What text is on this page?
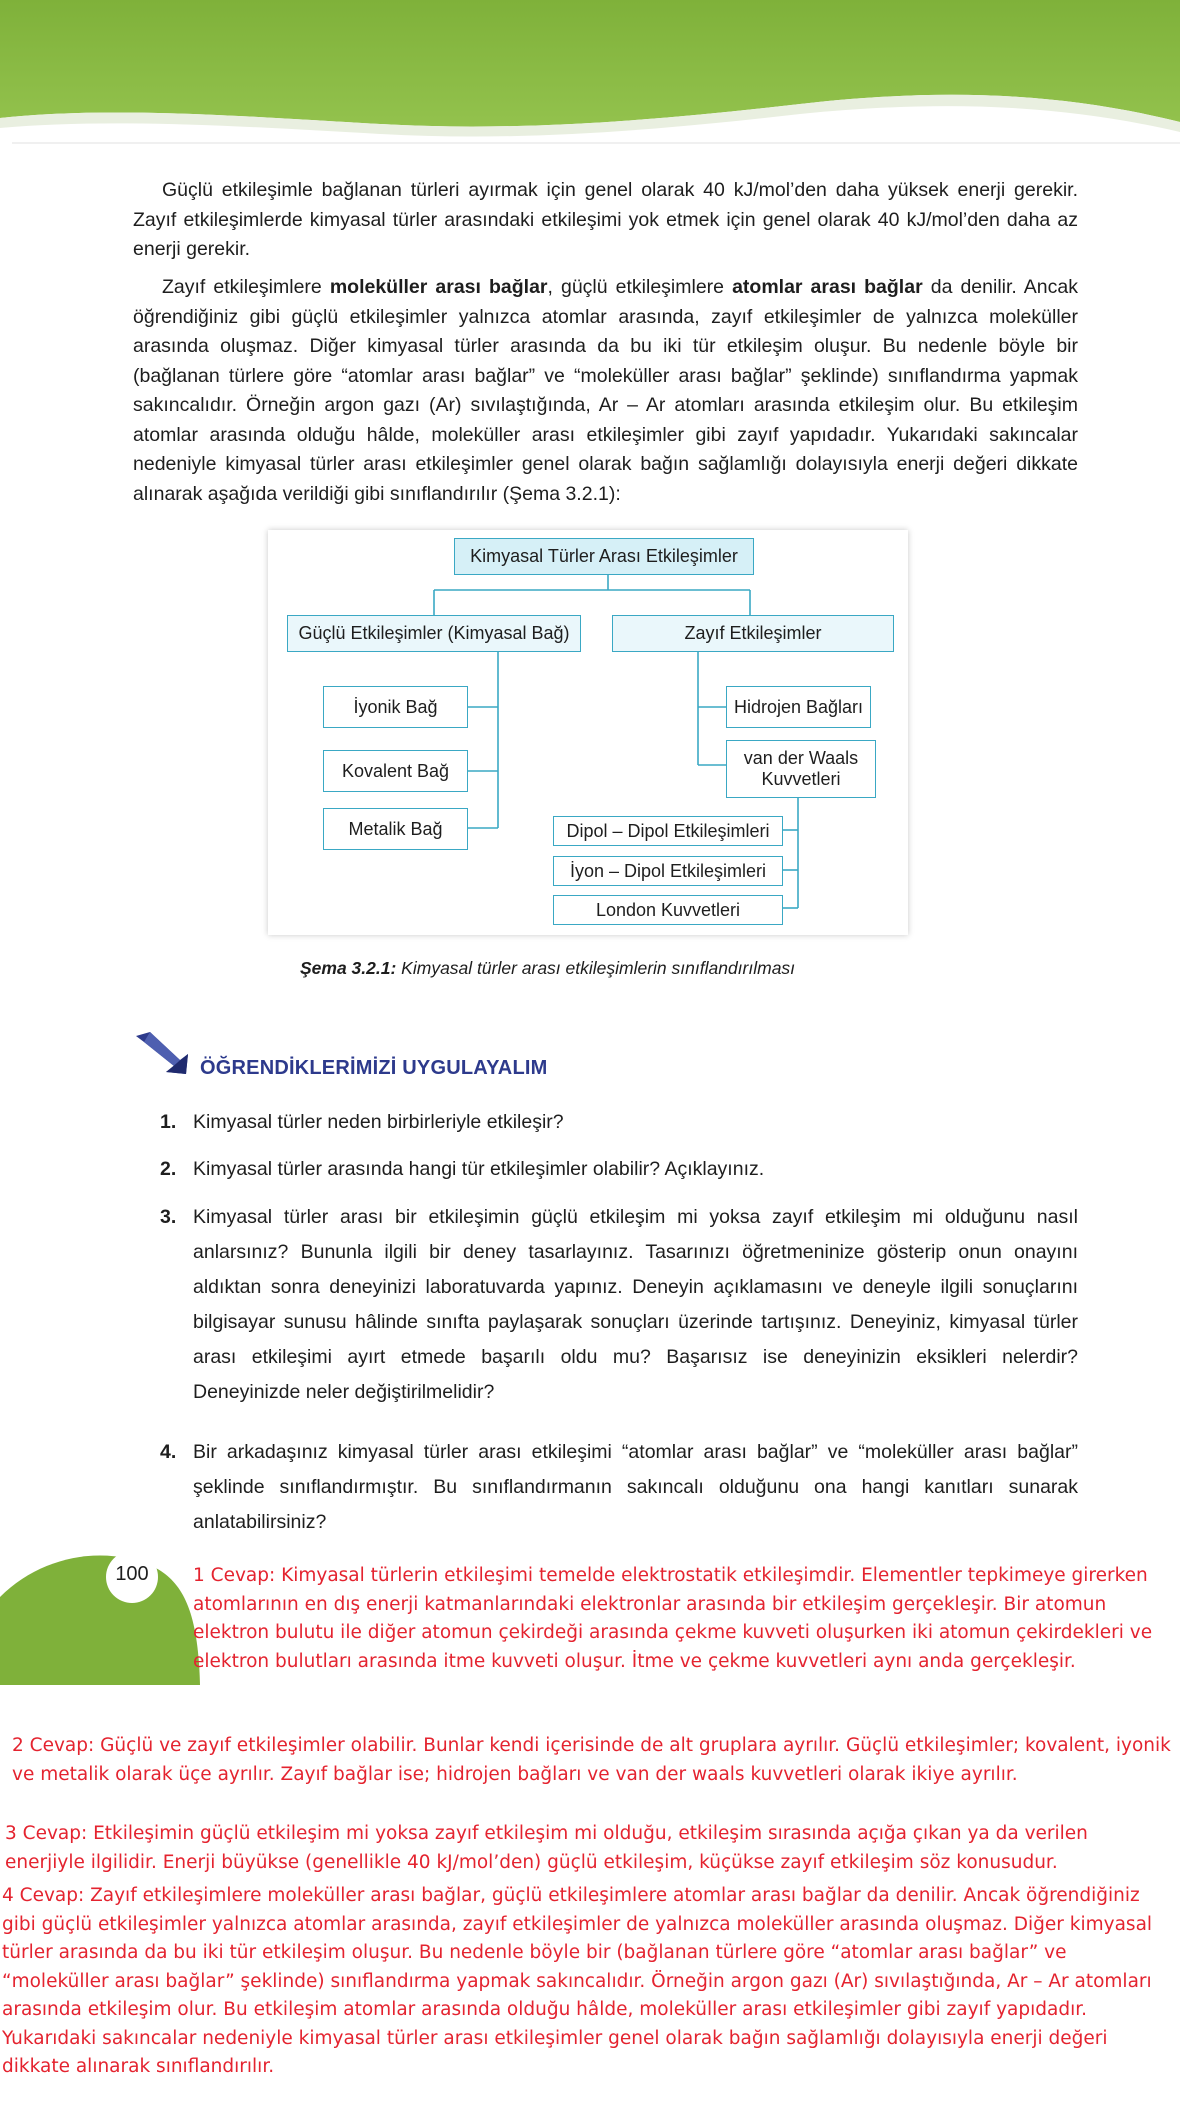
Güçlü etkileşimle bağlanan türleri ayırmak için genel olarak 40 kJ/mol’den daha yüksek enerji gerekir. Zayıf etkileşimlerde kimyasal türler arasındaki etkileşimi yok etmek için genel olarak 40 kJ/mol’den daha az enerji gerekir.

Zayıf etkileşimlere moleküller arası bağlar, güçlü etkileşimlere atomlar arası bağlar da denilir. Ancak öğrendiğiniz gibi güçlü etkileşimler yalnızca atomlar arasında, zayıf etkileşimler de yalnızca moleküller arasında oluşmaz. Diğer kimyasal türler arasında da bu iki tür etkileşim oluşur. Bu nedenle böyle bir (bağlanan türlere göre “atomlar arası bağlar” ve “moleküller arası bağlar” şeklinde) sınıflandırma yapmak sakıncalıdır. Örneğin argon gazı (Ar) sıvılaştığında, Ar – Ar atomları arasında etkileşim olur. Bu etkileşim atomlar arasında olduğu hâlde, moleküller arası etkileşimler gibi zayıf yapıdadır. Yukarıdaki sakıncalar nedeniyle kimyasal türler arası etkileşimler genel olarak bağın sağlamlığı dolayısıyla enerji değeri dikkate alınarak aşağıda verildiği gibi sınıflandırılır (Şema 3.2.1):

Kimyasal Türler Arası Etkileşimler
Güçlü Etkileşimler (Kimyasal Bağ)	Zayıf Etkileşimler
İyonik Bağ
Kovalent Bağ
Metalik Bağ
Hidrojen Bağları
van der Waals Kuvvetleri
Dipol – Dipol Etkileşimleri
İyon – Dipol Etkileşimleri
London Kuvvetleri
Şema 3.2.1: Kimyasal türler arası etkileşimlerin sınıflandırılması
ÖĞRENDİKLERİMİZİ UYGULAYALIM
1. Kimyasal türler neden birbirleriyle etkileşir?
2. Kimyasal türler arasında hangi tür etkileşimler olabilir? Açıklayınız.
3. Kimyasal türler arası bir etkileşimin güçlü etkileşim mi yoksa zayıf etkileşim mi olduğunu nasıl anlarsınız? Bununla ilgili bir deney tasarlayınız. Tasarınızı öğretmeninize gösterip onun onayını aldıktan sonra deneyinizi laboratuvarda yapınız. Deneyin açıklamasını ve deneyle ilgili sonuçlarını bilgisayar sunusu hâlinde sınıfta paylaşarak sonuçları üzerinde tartışınız. Deneyiniz, kimyasal türler arası etkileşimi ayırt etmede başarılı oldu mu? Başarısız ise deneyinizin eksikleri nelerdir? Deneyinizde neler değiştirilmelidir?
4. Bir arkadaşınız kimyasal türler arası etkileşimi “atomlar arası bağlar” ve “moleküller arası bağlar” şeklinde sınıflandırmıştır. Bu sınıflandırmanın sakıncalı olduğunu ona hangi kanıtları sunarak anlatabilirsiniz?
100	1 Cevap: Kimyasal türlerin etkileşimi temelde elektrostatik etkileşimdir. Elementler tepkimeye girerken atomlarının en dış enerji katmanlarındaki elektronlar arasında bir etkileşim gerçekleşir. Bir atomun elektron bulutu ile diğer atomun çekirdeği arasında çekme kuvveti oluşurken iki atomun çekirdekleri ve elektron bulutları arasında itme kuvveti oluşur. İtme ve çekme kuvvetleri aynı anda gerçekleşir.

2 Cevap: Güçlü ve zayıf etkileşimler olabilir. Bunlar kendi içerisinde de alt gruplara ayrılır. Güçlü etkileşimler; kovalent, iyonik ve metalik olarak üçe ayrılır. Zayıf bağlar ise; hidrojen bağları ve van der waals kuvvetleri olarak ikiye ayrılır.

3 Cevap: Etkileşimin güçlü etkileşim mi yoksa zayıf etkileşim mi olduğu, etkileşim sırasında açığa çıkan ya da verilen enerjiyle ilgilidir. Enerji büyükse (genellikle 40 kJ/mol’den) güçlü etkileşim, küçükse zayıf etkileşim söz konusudur.

4 Cevap: Zayıf etkileşimlere moleküller arası bağlar, güçlü etkileşimlere atomlar arası bağlar da denilir. Ancak öğrendiğiniz gibi güçlü etkileşimler yalnızca atomlar arasında, zayıf etkileşimler de yalnızca moleküller arasında oluşmaz. Diğer kimyasal türler arasında da bu iki tür etkileşim oluşur. Bu nedenle böyle bir (bağlanan türlere göre “atomlar arası bağlar” ve “moleküller arası bağlar” şeklinde) sınıflandırma yapmak sakıncalıdır. Örneğin argon gazı (Ar) sıvılaştığında, Ar – Ar atomları arasında etkileşim olur. Bu etkileşim atomlar arasında olduğu hâlde, moleküller arası etkileşimler gibi zayıf yapıdadır. Yukarıdaki sakıncalar nedeniyle kimyasal türler arası etkileşimler genel olarak bağın sağlamlığı dolayısıyla enerji değeri dikkate alınarak sınıflandırılır.
